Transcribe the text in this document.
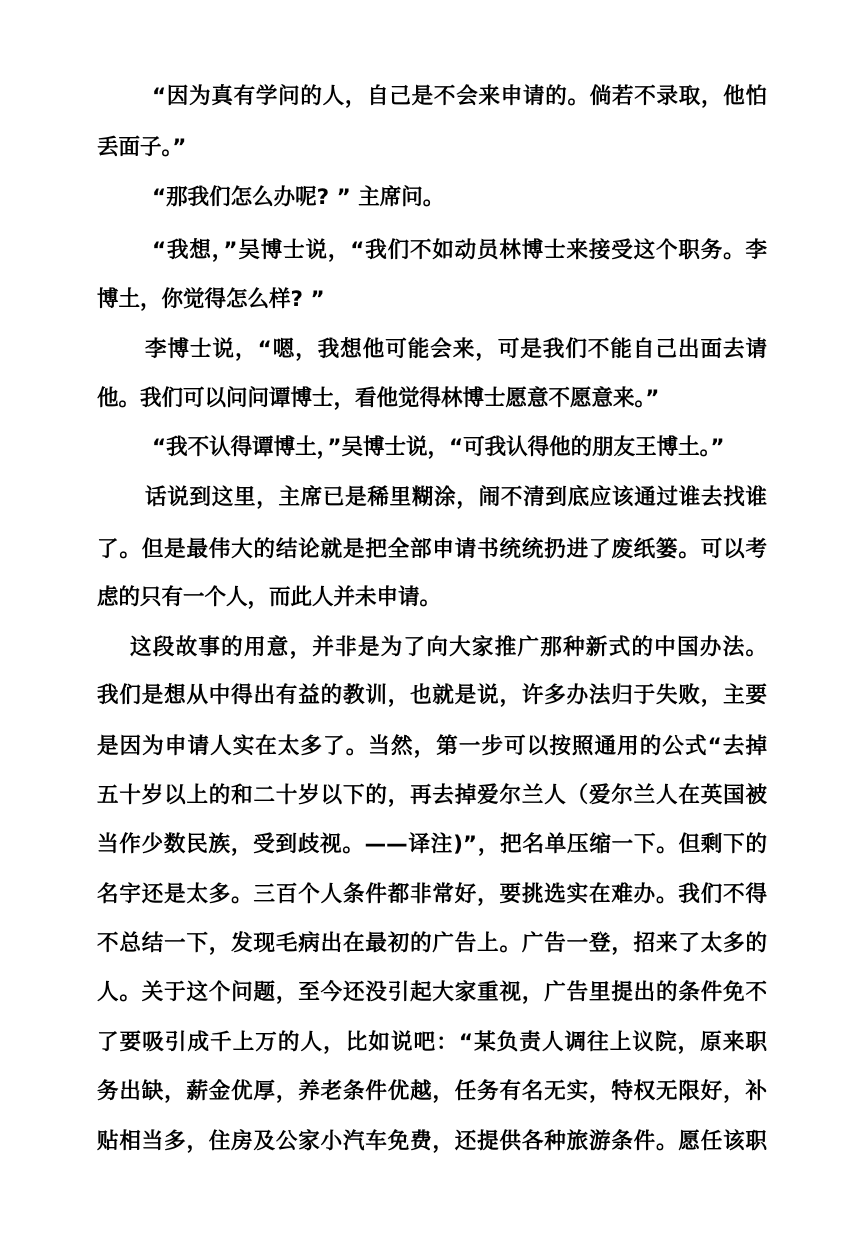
“因为真有学问的人，自己是不会来申请的。倘若不录取，他怕
丢面子。”
“那我们怎么办呢? ” 主席问。
“我想，”吴博士说，“我们不如动员林博士来接受这个职务。李
博土，你觉得怎么样? ”
李博士说，“嗯，我想他可能会来，可是我们不能自己出面去请
他。我们可以问问谭博士，看他觉得林博士愿意不愿意来。”
“我不认得谭博土，”吴博士说，“可我认得他的朋友王博土。”
话说到这里，主席已是稀里糊涂，闹不清到底应该通过谁去找谁
了。但是最伟大的结论就是把全部申请书统统扔进了废纸篓。可以考
虑的只有一个人，而此人并未申请。
这段故事的用意，并非是为了向大家推广那种新式的中国办法。
我们是想从中得出有益的教训，也就是说，许多办法归于失败，主要
是因为申请人实在太多了。当然，第一步可以按照通用的公式“去掉
五十岁以上的和二十岁以下的，再去掉爱尔兰人（爱尔兰人在英国被
当作少数民族，受到歧视。——译注)”，把名单压缩一下。但剩下的
名宇还是太多。三百个人条件都非常好，要挑选实在难办。我们不得
不总结一下，发现毛病出在最初的广告上。广告一登，招来了太多的
人。关于这个问题，至今还没引起大家重视，广告里提出的条件免不
了要吸引成千上万的人，比如说吧：“某负责人调往上议院，原来职
务出缺，薪金优厚，养老条件优越，任务有名无实，特权无限好，补
贴相当多，住房及公家小汽车免费，还提供各种旅游条件。愿任该职
